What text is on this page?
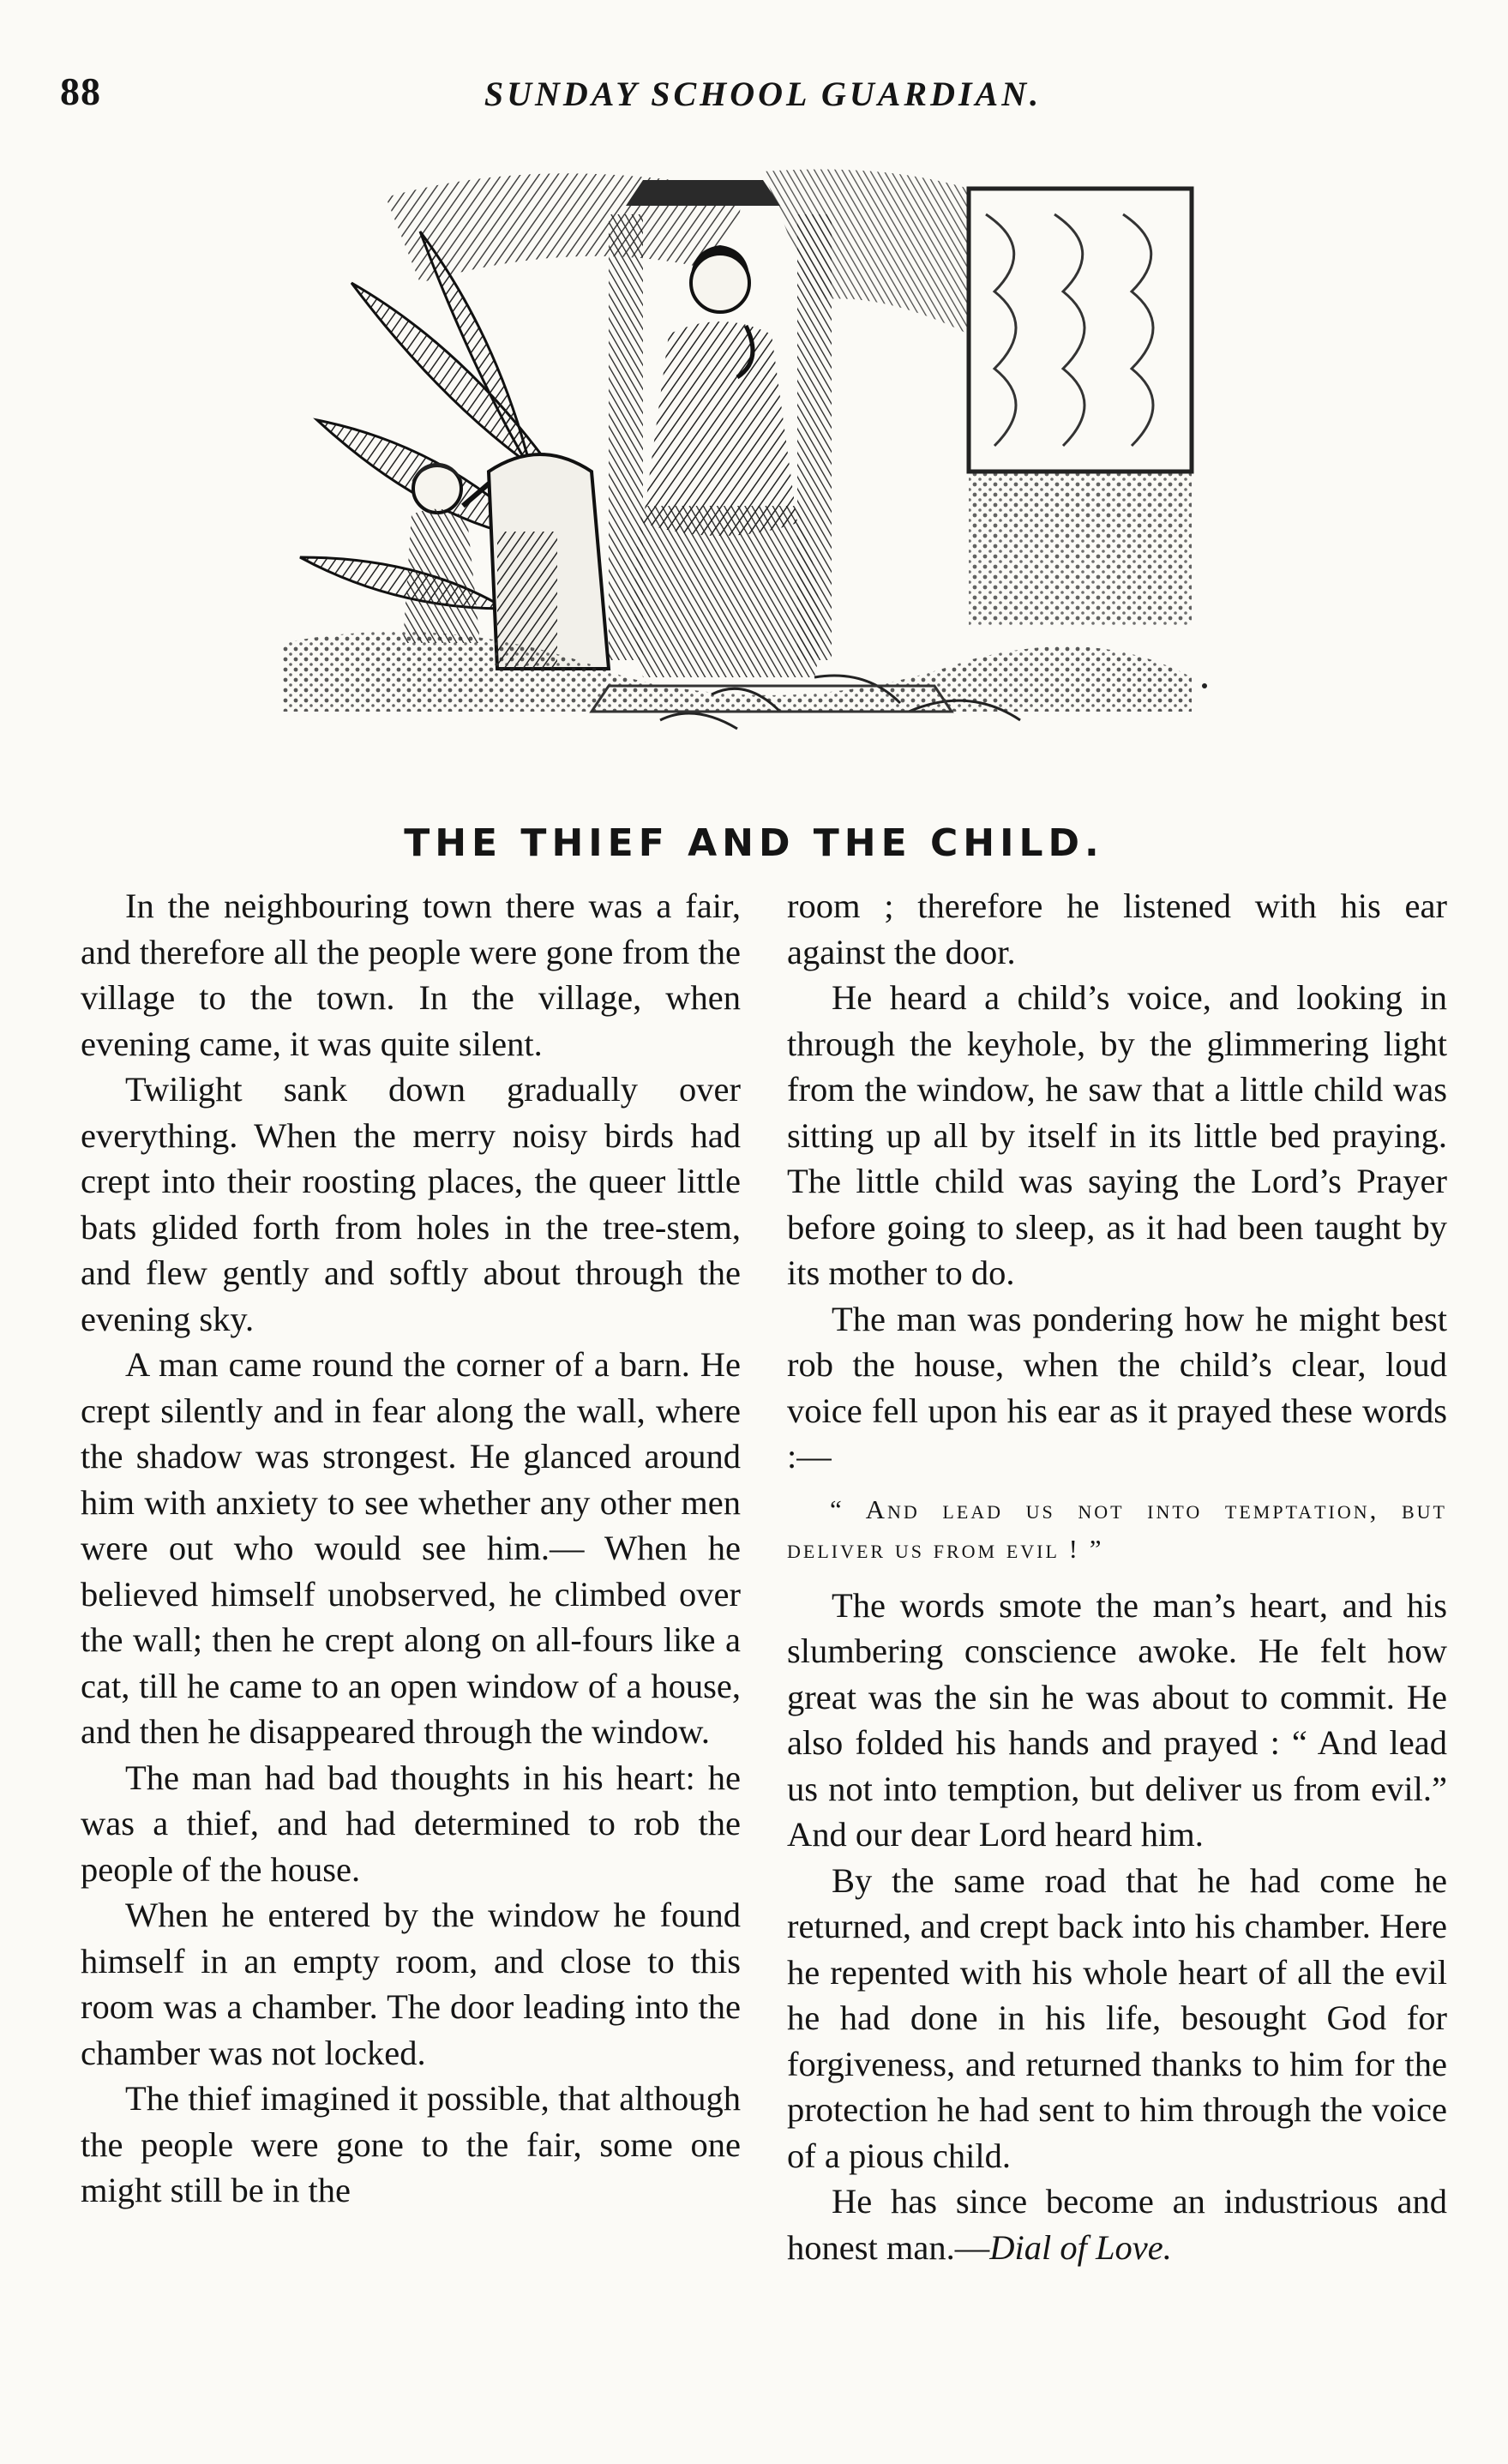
88	SUNDAY SCHOOL GUARDIAN.
THE THIEF AND THE CHILD.

In the neighbouring town there was a fair, and therefore all the people were gone from the village to the town. In the village, when evening came, it was quite silent.

Twilight sank down gradually over everything. When the merry noisy birds had crept into their roosting places, the queer little bats glided forth from holes in the tree-stem, and flew gently and softly about through the evening sky.

A man came round the corner of a barn. He crept silently and in fear along the wall, where the shadow was strongest. He glanced around him with anxiety to see whether any other men were out who would see him.— When he believed himself unobserved, he climbed over the wall; then he crept along on all-fours like a cat, till he came to an open window of a house, and then he disappeared through the window.

The man had bad thoughts in his heart: he was a thief, and had determined to rob the people of the house.

When he entered by the window he found himself in an empty room, and close to this room was a chamber. The door leading into the chamber was not locked.

The thief imagined it possible, that although the people were gone to the fair, some one might still be in the

room ; therefore he listened with his ear against the door.

He heard a child’s voice, and looking in through the keyhole, by the glimmering light from the window, he saw that a little child was sitting up all by itself in its little bed praying. The little child was saying the Lord’s Prayer before going to sleep, as it had been taught by its mother to do.

The man was pondering how he might best rob the house, when the child’s clear, loud voice fell upon his ear as it prayed these words :—

“ And lead us not into temptation, but deliver us from evil ! ”

The words smote the man’s heart, and his slumbering conscience awoke. He felt how great was the sin he was about to commit. He also folded his hands and prayed : “ And lead us not into temption, but deliver us from evil.” And our dear Lord heard him.

By the same road that he had come he returned, and crept back into his chamber. Here he repented with his whole heart of all the evil he had done in his life, besought God for forgiveness, and returned thanks to him for the protection he had sent to him through the voice of a pious child.

He has since become an industrious and honest man.—Dial of Love.
